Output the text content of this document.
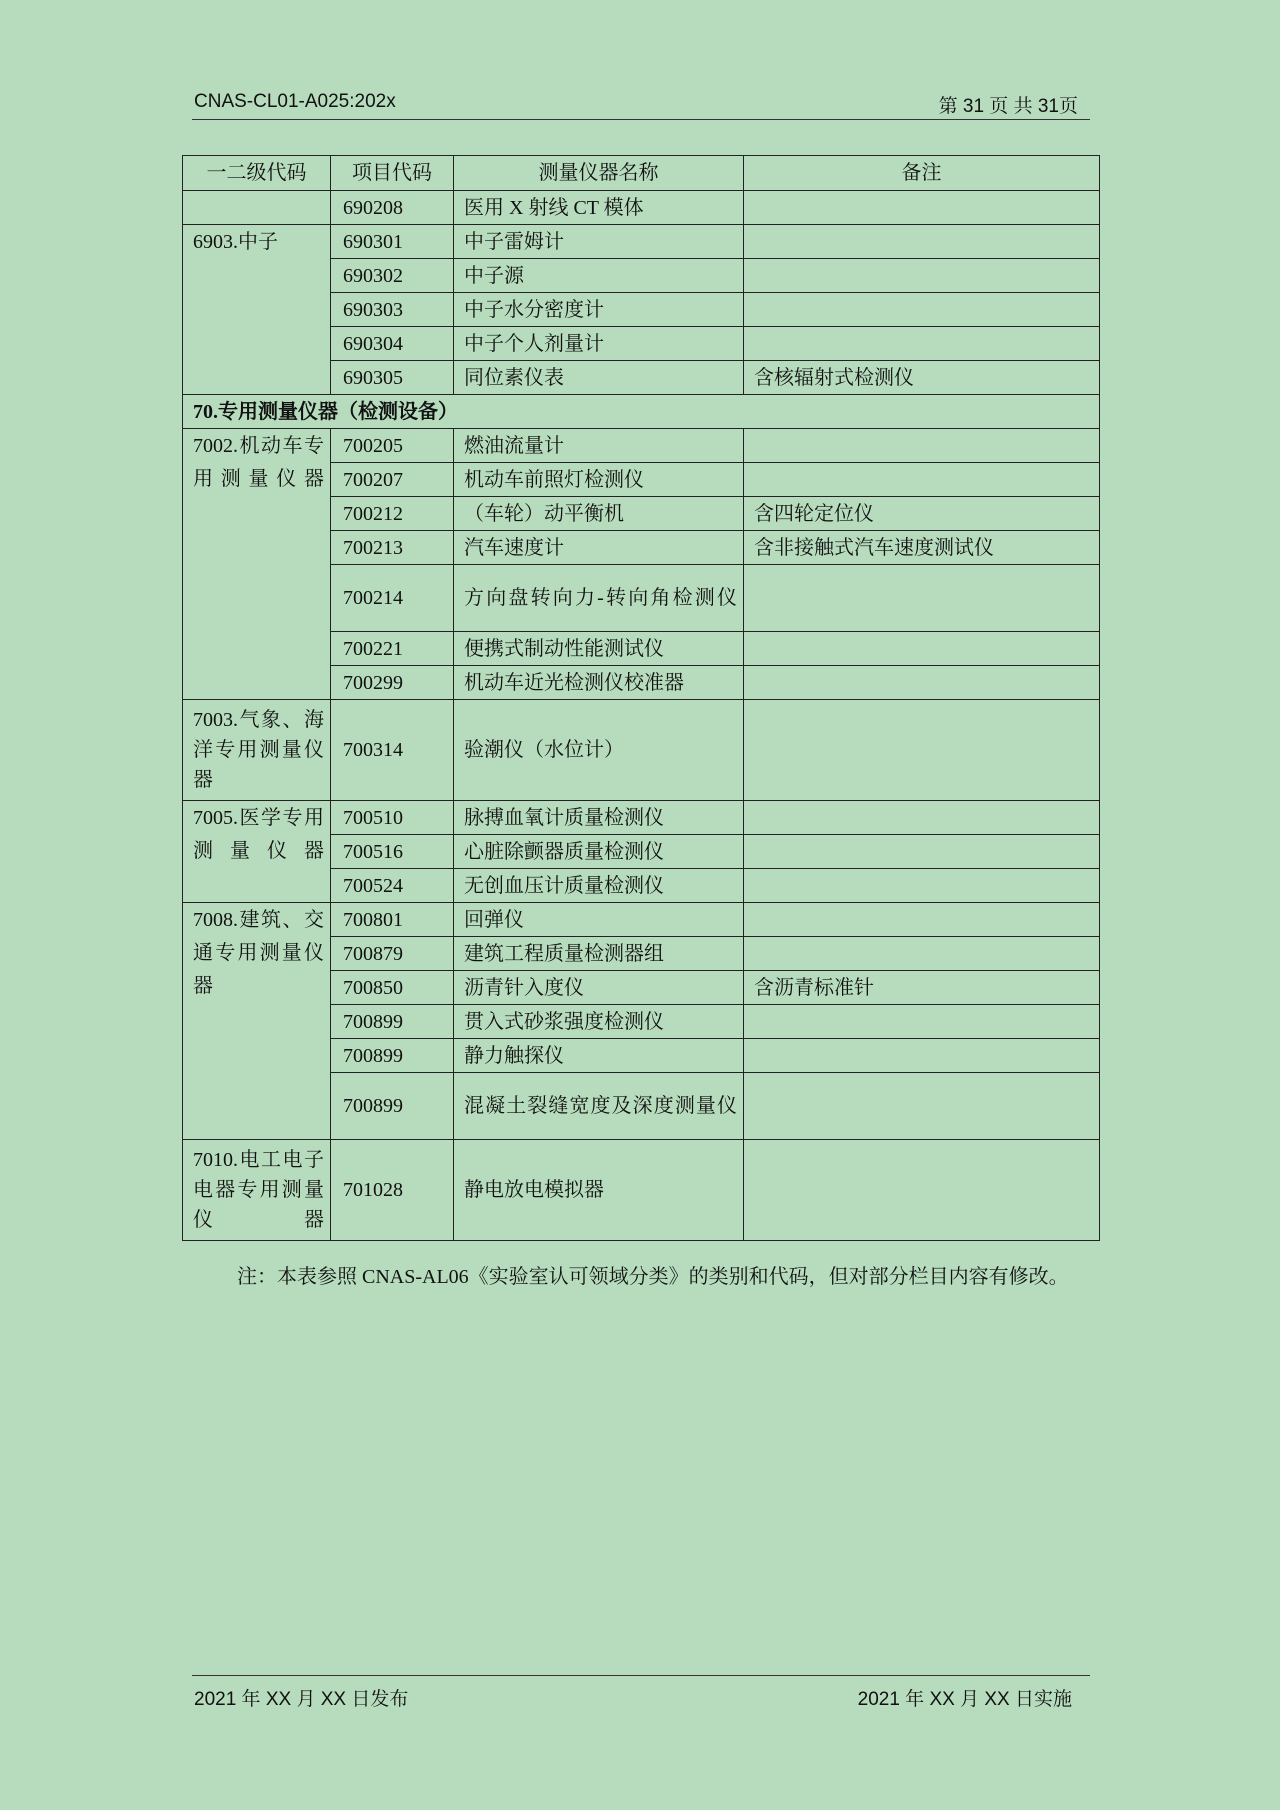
CNAS-CL01-A025:202x	第 31 页 共 31页
一二级代码	项目代码	测量仪器名称	备注
	690208	医用 X 射线 CT 模体	
6903.中子	690301	中子雷姆计	
	690302	中子源	
	690303	中子水分密度计	
	690304	中子个人剂量计	
	690305	同位素仪表	含核辐射式检测仪
70.专用测量仪器（检测设备）			
7002.机动车专用测量仪器	700205	燃油流量计	
	700207	机动车前照灯检测仪	
	700212	（车轮）动平衡机	含四轮定位仪
	700213	汽车速度计	含非接触式汽车速度测试仪
	700214	方向盘转向力-转向角检测仪	
	700221	便携式制动性能测试仪	
	700299	机动车近光检测仪校准器	
7003.气象、海洋专用测量仪器	700314	验潮仪（水位计）	
7005.医学专用测量仪器	700510	脉搏血氧计质量检测仪	
	700516	心脏除颤器质量检测仪	
	700524	无创血压计质量检测仪	
7008.建筑、交通专用测量仪器	700801	回弹仪	
	700879	建筑工程质量检测器组	
	700850	沥青针入度仪	含沥青标准针
	700899	贯入式砂浆强度检测仪	
	700899	静力触探仪	
	700899	混凝土裂缝宽度及深度测量仪	
7010.电工电子电器专用测量仪器	701028	静电放电模拟器	
注：本表参照 CNAS-AL06《实验室认可领域分类》的类别和代码，但对部分栏目内容有修改。
2021 年 XX 月 XX 日发布	2021 年 XX 月 XX 日实施
